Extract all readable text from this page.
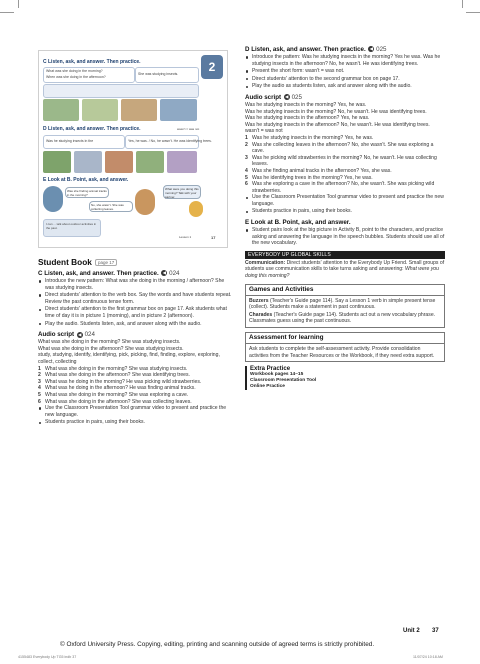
2
C Listen, ask, and answer. Then practice.
What was she doing in the morning?
When was she doing in the afternoon?
She was studying insects.
D Listen, ask, and answer. Then practice.	wasn't = was not
Was he studying insects in the	Yes, he was. / No, he wasn't. He was identifying trees.
E Look at B. Point, ask, and answer.
Was she finding animal tracks in the morning?
No, she wasn't. She was collecting leaves.
What were you doing this morning? Talk with your partner.
I can ... talk about outdoor activities in the past.
Lesson 1	17
Student Book page 17
C Listen, ask, and answer. Then practice. ◀ 024
Introduce the new pattern: What was she doing in the morning / afternoon? She was studying insects.
Direct students' attention to the verb box. Say the words and have students repeat. Review the past continuous tense form.
Direct students' attention to the first grammar box on page 17. Ask students what time of day it is in picture 1 (morning), and in picture 2 (afternoon).
Play the audio. Students listen, ask, and answer along with the audio.
Audio script ◀ 024

What was she doing in the morning? She was studying insects.

What was she doing in the afternoon? She was studying insects.

study, studying, identify, identifying, pick, picking, find, finding, explore, exploring, collect, collecting

1 What was she doing in the morning? She was studying insects.
2 What was she doing in the afternoon? She was identifying trees.
3 What was he doing in the morning? He was picking wild strawberries.
4 What was he doing in the afternoon? He was finding animal tracks.
5 What was she doing in the morning? She was exploring a cave.
6 What was she doing in the afternoon? She was collecting leaves.
Use the Classroom Presentation Tool grammar video to present and practice the new language.
Students practice in pairs, using their books.
D Listen, ask, and answer. Then practice. ◀ 025
Introduce the pattern: Was he studying insects in the morning? Yes he was. Was he studying insects in the afternoon? No, he wasn't. He was identifying trees.
Present the short form: wasn't = was not.
Direct students' attention to the second grammar box on page 17.
Play the audio as students listen, ask and answer along with the audio.
Audio script ◀ 025

Was he studying insects in the morning? Yes, he was.

Was he studying insects in the morning? No, he wasn't. He was identifying trees.

Was he studying insects in the afternoon? Yes, he was.

Was he studying insects in the afternoon? No, he wasn't. He was identifying trees.

wasn't = was not

1 Was he studying insects in the morning? Yes, he was.
2 Was she collecting leaves in the afternoon? No, she wasn't. She was exploring a cave.
3 Was he picking wild strawberries in the morning? No, he wasn't. He was collecting leaves.
4 Was she finding animal tracks in the afternoon? Yes, she was.
5 Was he identifying trees in the morning? Yes, he was.
6 Was she exploring a cave in the afternoon? No, she wasn't. She was picking wild strawberries.
Use the Classroom Presentation Tool grammar video to present and practice the new language.
Students practice in pairs, using their books.
E Look at B. Point, ask, and answer.
Student pairs look at the big picture in Activity B, point to the characters, and practice asking and answering the language in the speech bubbles. Students should use all of the new vocabulary.
EVERYBODY UP GLOBAL SKILLS

Communication: Direct students' attention to the Everybody Up Friend. Small groups of students use communication skills to take turns asking and answering: What were you doing this morning?

Games and Activities

Buzzers (Teacher's Guide page 114). Say a Lesson 1 verb in simple present tense (collect). Students make a statement in past continuous.

Charades (Teacher's Guide page 114). Students act out a new vocabulary phrase. Classmates guess using the past continuous.

Assessment for learning

Ask students to complete the self-assessment activity. Provide consolidation activities from the Teacher Resources or the Workbook, if they need extra support.

Extra Practice
Workbook pages 14–15
Classroom Presentation Tool
Online Practice
Unit 2 37
© Oxford University Press. Copying, editing, printing and scanning outside of agreed terms is strictly prohibited.
4155483 Everybody Up TG5 indb 37	11/07/24 10:18 AM
